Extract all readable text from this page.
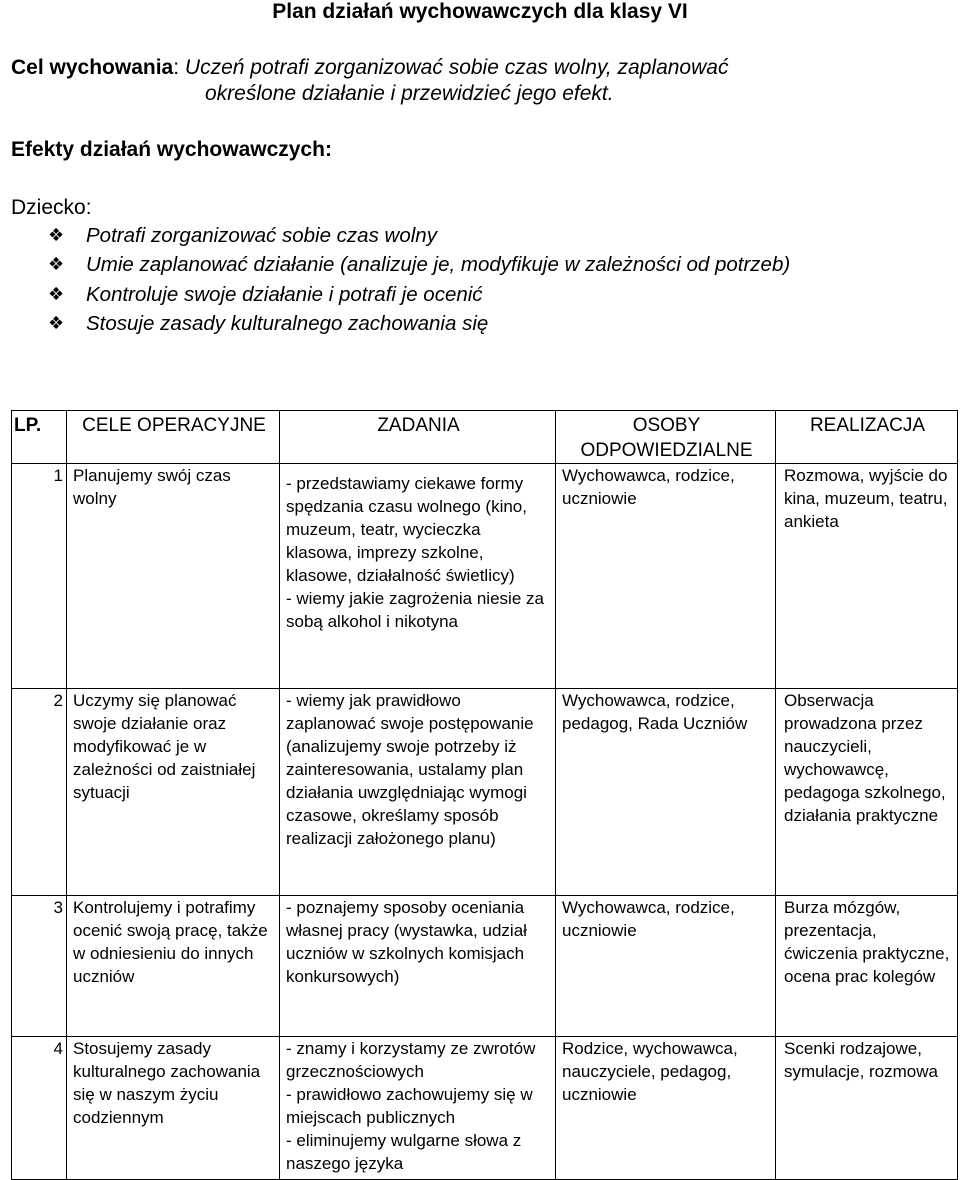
Plan działań wychowawczych dla klasy VI
Cel wychowania: Uczeń potrafi zorganizować sobie czas wolny, zaplanować
określone działanie i przewidzieć jego efekt.
Efekty działań wychowawczych:
Dziecko:
❖ Potrafi zorganizować sobie czas wolny
❖ Umie zaplanować działanie (analizuje je, modyfikuje w zależności od potrzeb)
❖ Kontroluje swoje działanie i potrafi je ocenić
❖ Stosuje zasady kulturalnego zachowania się
LP.	CELE OPERACYJNE	ZADANIA	OSOBY ODPOWIEDZIALNE	REALIZACJA
1	Planujemy swój czas wolny	- przedstawiamy ciekawe formy spędzania czasu wolnego (kino, muzeum, teatr, wycieczka klasowa, imprezy szkolne, klasowe, działalność świetlicy)
- wiemy jakie zagrożenia niesie za sobą alkohol i nikotyna	Wychowawca, rodzice, uczniowie	Rozmowa, wyjście do kina, muzeum, teatru, ankieta
2	Uczymy się planować swoje działanie oraz modyfikować je w zależności od zaistniałej sytuacji	- wiemy jak prawidłowo zaplanować swoje postępowanie (analizujemy swoje potrzeby iż zainteresowania, ustalamy plan działania uwzględniając wymogi czasowe, określamy sposób realizacji założonego planu)	Wychowawca, rodzice, pedagog, Rada Uczniów	Obserwacja prowadzona przez nauczycieli, wychowawcę, pedagoga szkolnego, działania praktyczne
3	Kontrolujemy i potrafimy ocenić swoją pracę, także w odniesieniu do innych uczniów	- poznajemy sposoby oceniania własnej pracy (wystawka, udział uczniów w szkolnych komisjach konkursowych)	Wychowawca, rodzice, uczniowie	Burza mózgów, prezentacja, ćwiczenia praktyczne, ocena prac kolegów
4	Stosujemy zasady kulturalnego zachowania się w naszym życiu codziennym	- znamy i korzystamy ze zwrotów grzecznościowych
- prawidłowo zachowujemy się w miejscach publicznych
- eliminujemy wulgarne słowa z naszego języka	Rodzice, wychowawca, nauczyciele, pedagog, uczniowie	Scenki rodzajowe, symulacje, rozmowa
